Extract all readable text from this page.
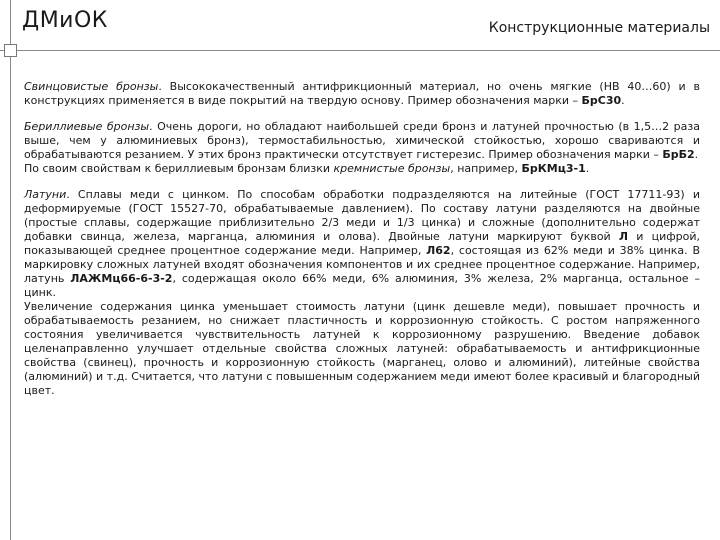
ДМиОК	Конструкционные материалы

Свинцовистые бронзы. Высококачественный антифрикционный материал, но очень мягкие (НВ 40…60) и в конструкциях применяется в виде покрытий на твердую основу. Пример обозначения марки – БрС30.

Бериллиевые бронзы. Очень дороги, но обладают наибольшей среди бронз и латуней прочностью (в 1,5…2 раза выше, чем у алюминиевых бронз), термостабильностью, химической стойкостью, хорошо свариваются и обрабатываются резанием. У этих бронз практически отсутствует гистерезис. Пример обозначения марки – БрБ2.

По своим свойствам к бериллиевым бронзам близки кремнистые бронзы, например, БрКМц3-1.

Латуни. Сплавы меди с цинком. По способам обработки подразделяются на литейные (ГОСТ 17711-93) и деформируемые (ГОСТ 15527-70, обрабатываемые давлением). По составу латуни разделяются на двойные (простые сплавы, содержащие приблизительно 2/3 меди и 1/3 цинка) и сложные (дополнительно содержат добавки свинца, железа, марганца, алюминия и олова). Двойные латуни маркируют буквой Л и цифрой, показывающей среднее процентное содержание меди. Например, Л62, состоящая из 62% меди и 38% цинка. В маркировку сложных латуней входят обозначения компонентов и их среднее процентное содержание. Например, латунь ЛАЖМц66-6-3-2, содержащая около 66% меди, 6% алюминия, 3% железа, 2% марганца, остальное – цинк.

Увеличение содержания цинка уменьшает стоимость латуни (цинк дешевле меди), повышает прочность и обрабатываемость резанием, но снижает пластичность и коррозионную стойкость. С ростом напряженного состояния увеличивается чувствительность латуней к коррозионному разрушению. Введение добавок целенаправленно улучшает отдельные свойства сложных латуней: обрабатываемость и антифрикционные свойства (свинец), прочность и коррозионную стойкость (марганец, олово и алюминий), литейные свойства (алюминий) и т.д. Считается, что латуни с повышенным содержанием меди имеют более красивый и благородный цвет.
